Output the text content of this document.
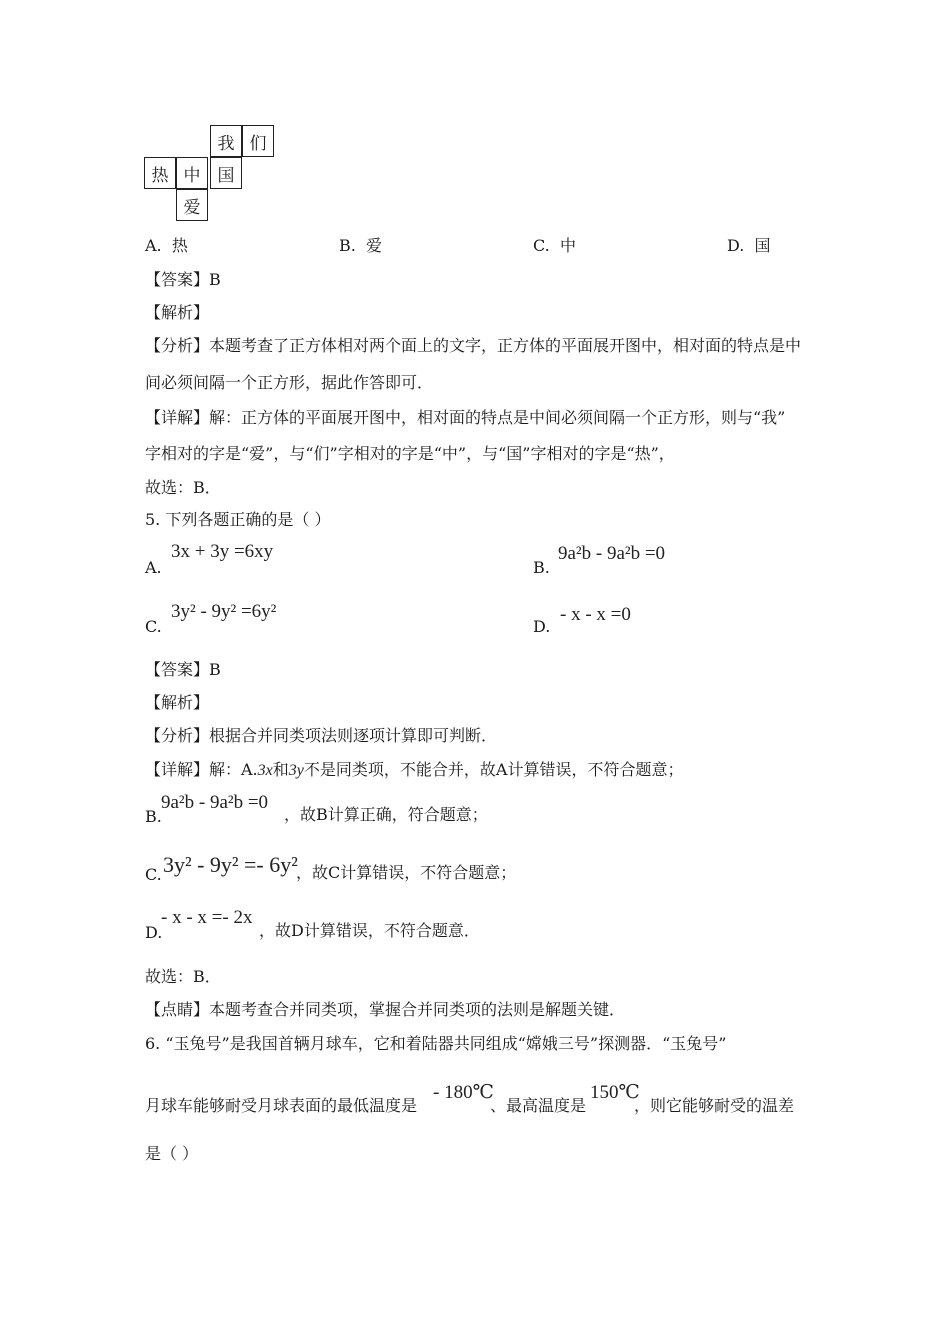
我 们
热 中	国
爱
A. 热	B. 爱	C. 中	D. 国
【答案】B
【解析】
【分析】本题考查了正方体相对两个面上的文字，正方体的平面展开图中，相对面的特点是中
间必须间隔一个正方形，据此作答即可．
【详解】解：正方体的平面展开图中，相对面的特点是中间必须间隔一个正方形，则与“我”
字相对的字是“爱”，与“们”字相对的字是“中”，与“国”字相对的字是“热”，
故选：B．
5. 下列各题正确的是（ ）
A.
3x + 3y =6xy
B.
9a²b - 9a²b =0
C.
3y² - 9y² =6y²
D.
- x - x =0
【答案】B
【解析】
【分析】根据合并同类项法则逐项计算即可判断．
【详解】解：A.3x和3y不是同类项，不能合并，故A计算错误，不符合题意；
B.
9a²b - 9a²b =0
，故B计算正确，符合题意；
C. 3y² - 9y² =- 6y²
，故C计算错误，不符合题意；
D.
- x - x =- 2x
，故D计算错误，不符合题意．
故选：B．
【点睛】本题考查合并同类项，掌握合并同类项的法则是解题关键．
6. “玉兔号”是我国首辆月球车，它和着陆器共同组成“嫦娥三号”探测器．“玉兔号”
月球车能够耐受月球表面的最低温度是
- 180℃
、最高温度是
150℃
，则它能够耐受的温差
是（ ）
